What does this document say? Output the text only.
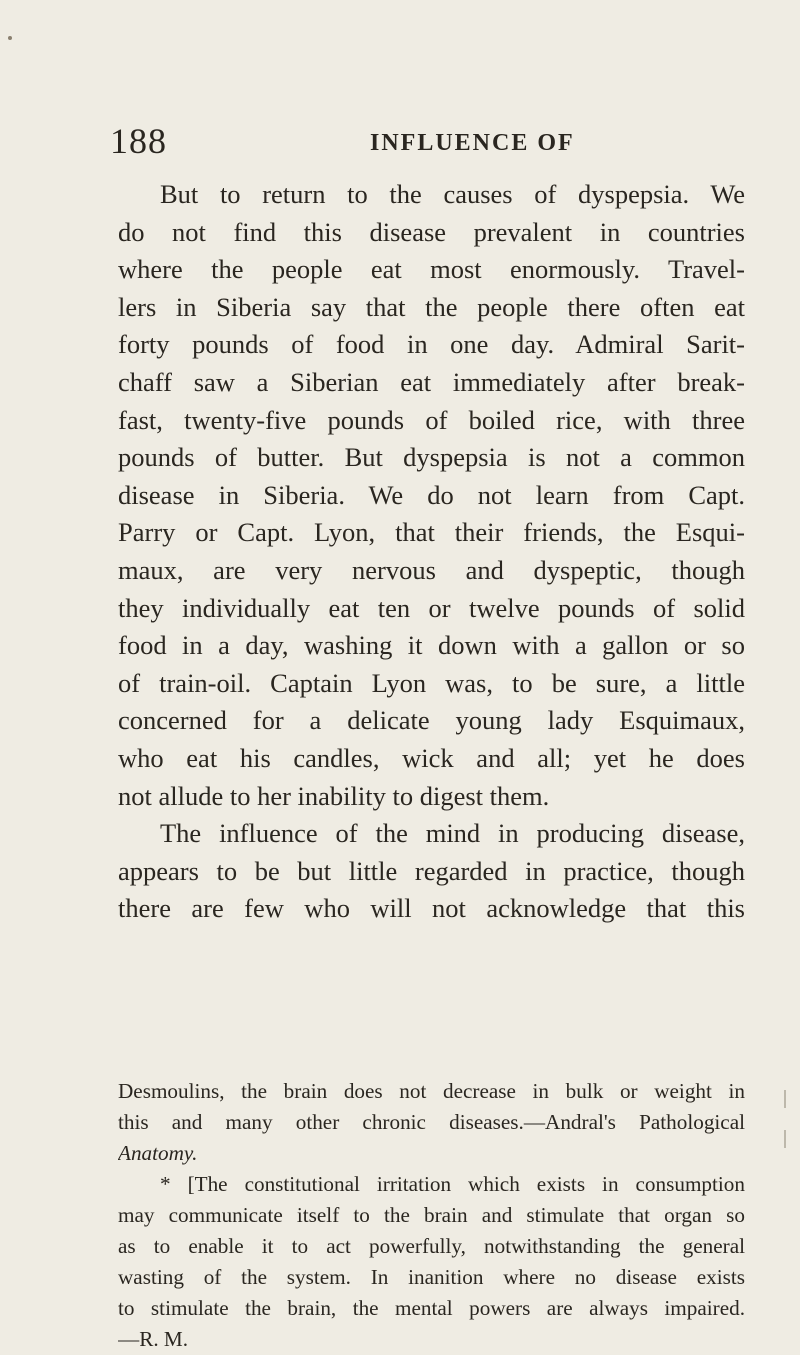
188	INFLUENCE OF
But to return to the causes of dyspepsia. We
do not find this disease prevalent in countries
where the people eat most enormously. Travel-
lers in Siberia say that the people there often eat
forty pounds of food in one day. Admiral Sarit-
chaff saw a Siberian eat immediately after break-
fast, twenty-five pounds of boiled rice, with three
pounds of butter. But dyspepsia is not a common
disease in Siberia. We do not learn from Capt.
Parry or Capt. Lyon, that their friends, the Esqui-
maux, are very nervous and dyspeptic, though
they individually eat ten or twelve pounds of solid
food in a day, washing it down with a gallon or so
of train-oil. Captain Lyon was, to be sure, a little
concerned for a delicate young lady Esquimaux,
who eat his candles, wick and all; yet he does
not allude to her inability to digest them.
The influence of the mind in producing disease,
appears to be but little regarded in practice, though
there are few who will not acknowledge that this
Desmoulins, the brain does not decrease in bulk or weight in
this and many other chronic diseases.—Andral's Pathological
Anatomy.
* [The constitutional irritation which exists in consumption
may communicate itself to the brain and stimulate that organ so
as to enable it to act powerfully, notwithstanding the general
wasting of the system. In inanition where no disease exists
to stimulate the brain, the mental powers are always impaired.
—R. M.
